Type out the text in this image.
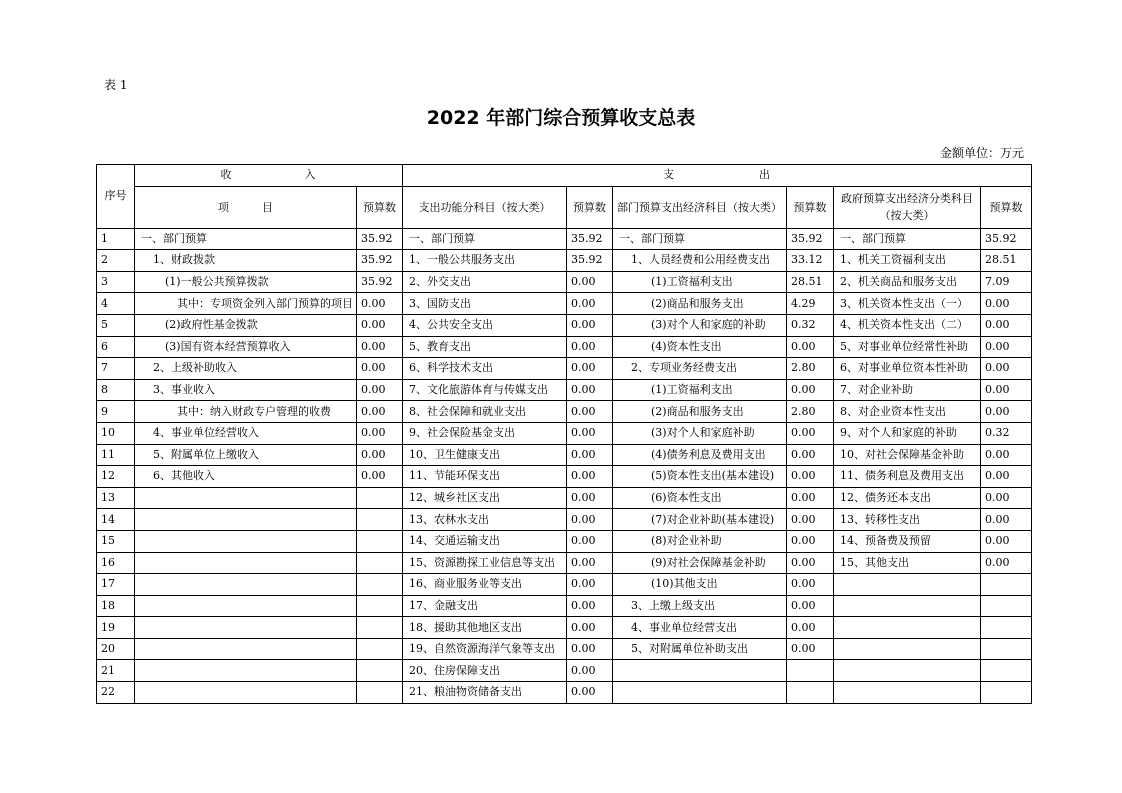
表 1
2022 年部门综合预算收支总表
金额单位：万元
序号	收　　　　　　入		支　　　　　　　出					
	项　　　目	预算数	支出功能分科目（按大类）	预算数	部门预算支出经济科目（按大类）	预算数	政府预算支出经济分类科目（按大类）	预算数
1	一、部门预算	35.92	一、部门预算	35.92	一、部门预算	35.92	一、部门预算	35.92
2	1、财政拨款	35.92	1、一般公共服务支出	35.92	1、人员经费和公用经费支出	33.12	1、机关工资福利支出	28.51
3	(1)一般公共预算拨款	35.92	2、外交支出	0.00	(1)工资福利支出	28.51	2、机关商品和服务支出	7.09
4	其中：专项资金列入部门预算的项目	0.00	3、国防支出	0.00	(2)商品和服务支出	4.29	3、机关资本性支出（一）	0.00
5	(2)政府性基金拨款	0.00	4、公共安全支出	0.00	(3)对个人和家庭的补助	0.32	4、机关资本性支出（二）	0.00
6	(3)国有资本经营预算收入	0.00	5、教育支出	0.00	(4)资本性支出	0.00	5、对事业单位经常性补助	0.00
7	2、上级补助收入	0.00	6、科学技术支出	0.00	2、专项业务经费支出	2.80	6、对事业单位资本性补助	0.00
8	3、事业收入	0.00	7、文化旅游体育与传媒支出	0.00	(1)工资福利支出	0.00	7、对企业补助	0.00
9	其中：纳入财政专户管理的收费	0.00	8、社会保障和就业支出	0.00	(2)商品和服务支出	2.80	8、对企业资本性支出	0.00
10	4、事业单位经营收入	0.00	9、社会保险基金支出	0.00	(3)对个人和家庭补助	0.00	9、对个人和家庭的补助	0.32
11	5、附属单位上缴收入	0.00	10、卫生健康支出	0.00	(4)债务利息及费用支出	0.00	10、对社会保障基金补助	0.00
12	6、其他收入	0.00	11、节能环保支出	0.00	(5)资本性支出(基本建设)	0.00	11、债务利息及费用支出	0.00
13			12、城乡社区支出	0.00	(6)资本性支出	0.00	12、债务还本支出	0.00
14			13、农林水支出	0.00	(7)对企业补助(基本建设)	0.00	13、转移性支出	0.00
15			14、交通运输支出	0.00	(8)对企业补助	0.00	14、预备费及预留	0.00
16			15、资源勘探工业信息等支出	0.00	(9)对社会保障基金补助	0.00	15、其他支出	0.00
17			16、商业服务业等支出	0.00	(10)其他支出	0.00		
18			17、金融支出	0.00	3、上缴上级支出	0.00		
19			18、援助其他地区支出	0.00	4、事业单位经营支出	0.00		
20			19、自然资源海洋气象等支出	0.00	5、对附属单位补助支出	0.00		
21			20、住房保障支出	0.00				
22			21、粮油物资储备支出	0.00				
